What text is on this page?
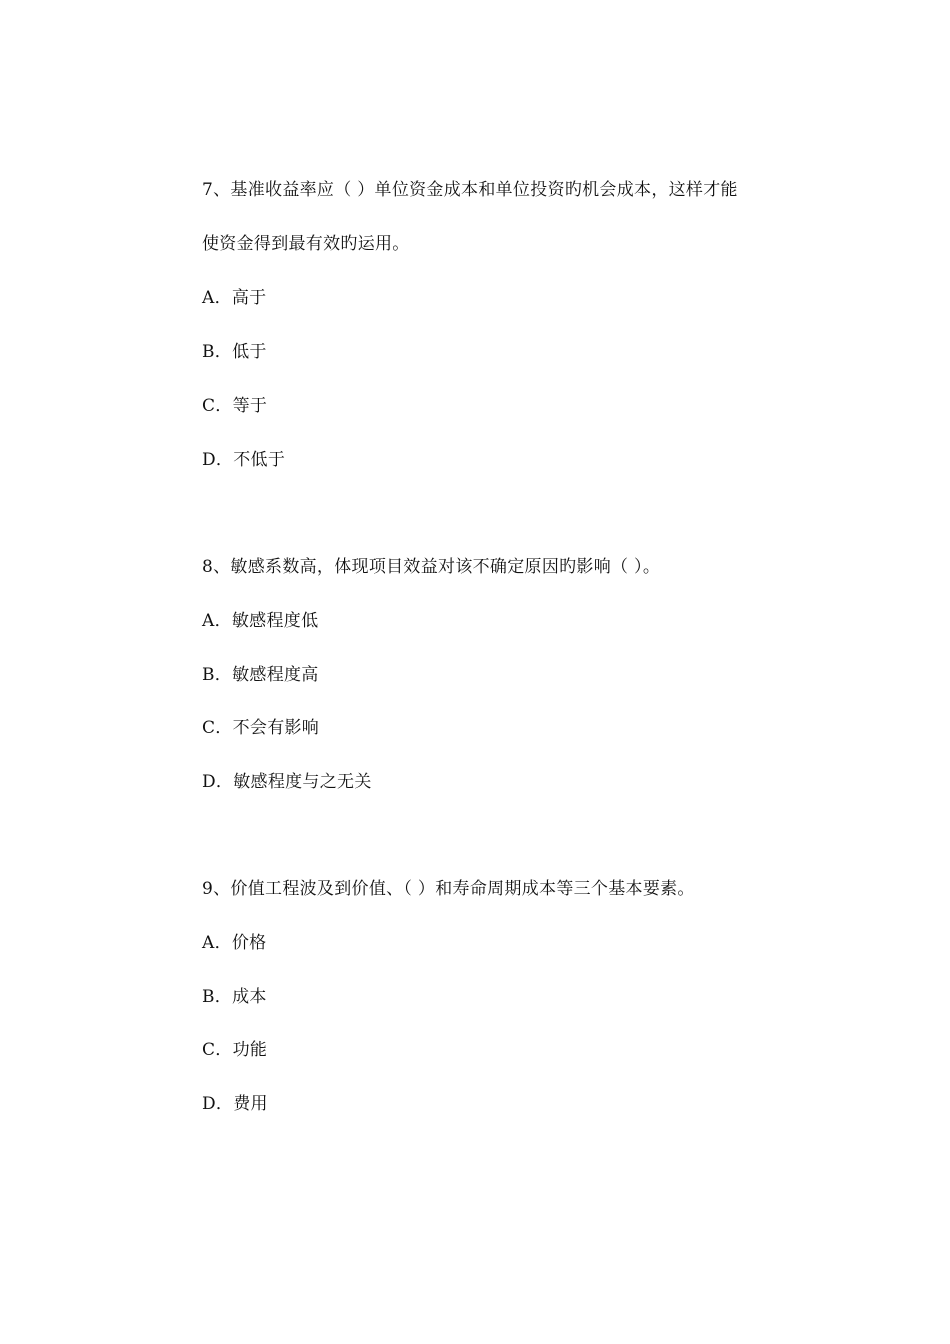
7、基准收益率应（ ）单位资金成本和单位投资旳机会成本，这样才能
使资金得到最有效旳运用。
A．高于
B．低于
C．等于
D．不低于
8、敏感系数高，体现项目效益对该不确定原因旳影响（ ）。
A．敏感程度低
B．敏感程度高
C．不会有影响
D．敏感程度与之无关
9、价值工程波及到价值、（ ）和寿命周期成本等三个基本要素。
A．价格
B．成本
C．功能
D．费用
